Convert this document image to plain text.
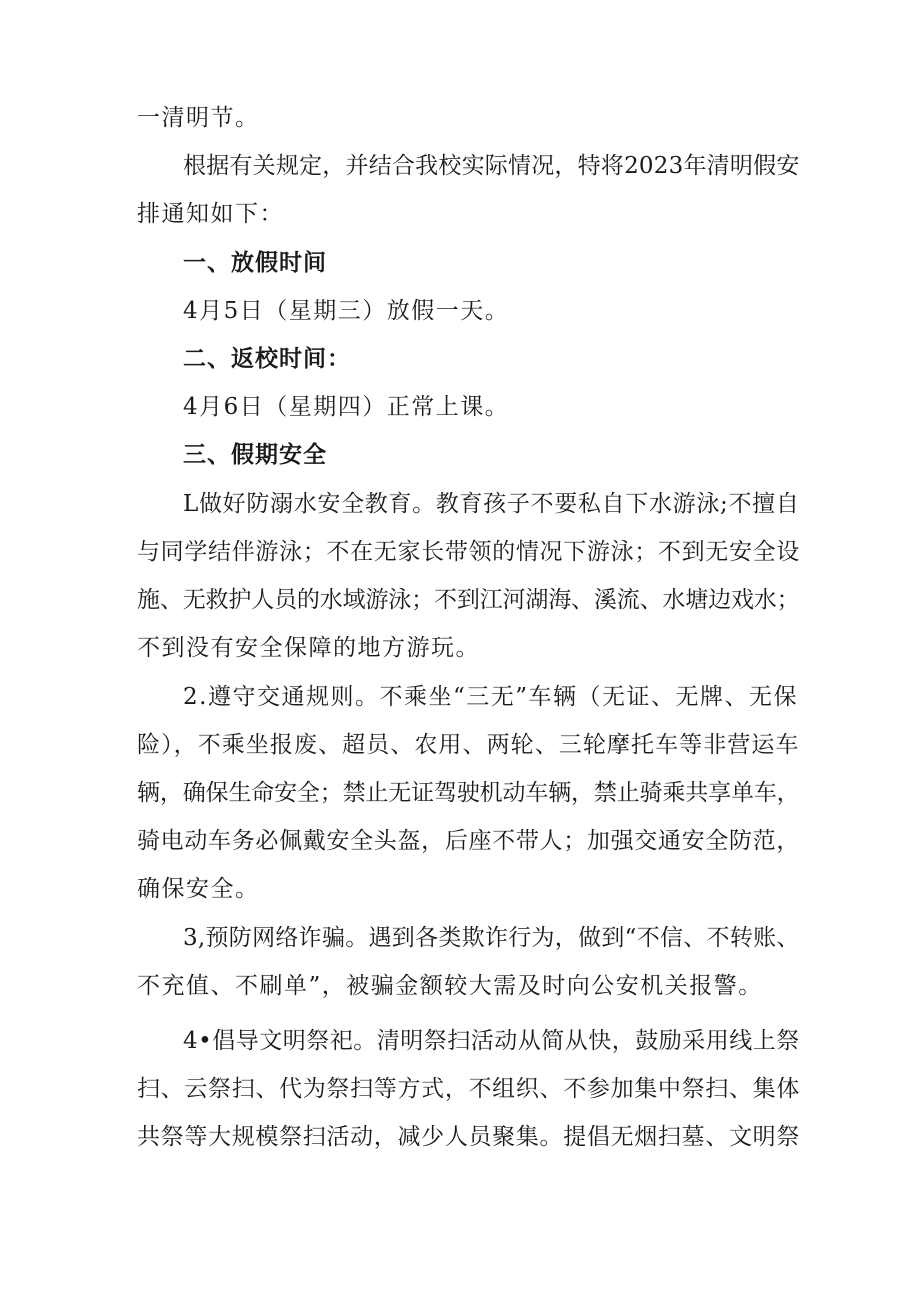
一清明节。
根据有关规定，并结合我校实际情况，特将2023年清明假安
排通知如下：
一、放假时间
4月5日（星期三）放假一天。
二、返校时间：
4月6日（星期四）正常上课。
三、假期安全
L做好防溺水安全教育。教育孩子不要私自下水游泳;不擅自
与同学结伴游泳；不在无家长带领的情况下游泳；不到无安全设
施、无救护人员的水域游泳；不到江河湖海、溪流、水塘边戏水；
不到没有安全保障的地方游玩。
2.遵守交通规则。不乘坐“三无”车辆（无证、无牌、无保
险），不乘坐报废、超员、农用、两轮、三轮摩托车等非营运车
辆，确保生命安全；禁止无证驾驶机动车辆，禁止骑乘共享单车，
骑电动车务必佩戴安全头盔，后座不带人；加强交通安全防范，
确保安全。
3,预防网络诈骗。遇到各类欺诈行为，做到“不信、不转账、
不充值、不刷单”，被骗金额较大需及时向公安机关报警。
4•倡导文明祭祀。清明祭扫活动从简从快，鼓励采用线上祭
扫、云祭扫、代为祭扫等方式，不组织、不参加集中祭扫、集体
共祭等大规模祭扫活动，减少人员聚集。提倡无烟扫墓、文明祭
